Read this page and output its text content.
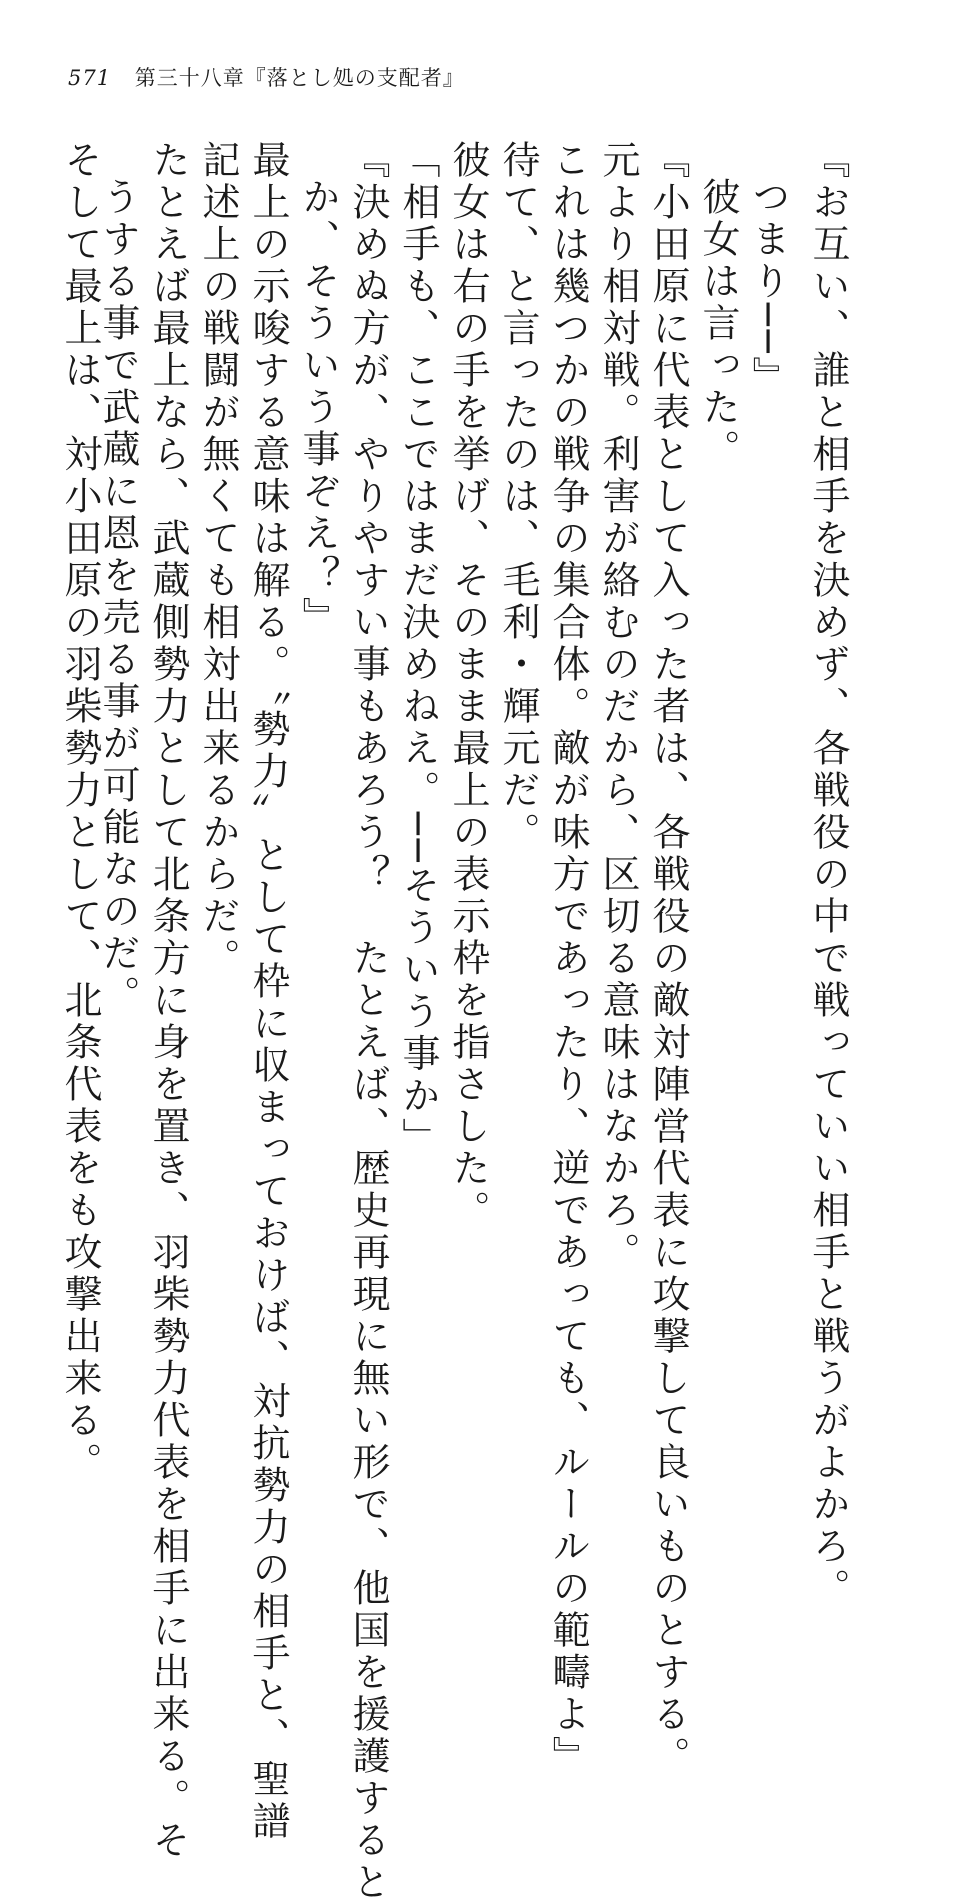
571 第三十八章『落とし処の支配者』
『お互い、誰と相手を決めず、各戦役の中で戦っていい相手と戦うがよかろ。
つまり──』
彼女は言った。
『小田原に代表として入った者は、各戦役の敵対陣営代表に攻撃して良いものとする。
元より相対戦。利害が絡むのだから、区切る意味はなかろ。
これは幾つかの戦争の集合体。敵が味方であったり、逆であっても、ルールの範疇よ』
待て、と言ったのは、毛利・輝元だ。
彼女は右の手を挙げ、そのまま最上の表示枠を指さした。
「相手も、ここではまだ決めねえ。──そういう事か」
『決めぬ方が、やりやすい事もあろう？　たとえば、歴史再現に無い形で、他国を援護すると
か、そういう事ぞえ？』
最上の示唆する意味は解る。〝勢力〟として枠に収まっておけば、対抗勢力の相手と、聖譜
記述上の戦闘が無くても相対出来るからだ。
たとえば最上なら、武蔵側勢力として北条方に身を置き、羽柴勢力代表を相手に出来る。そ
うする事で武蔵に恩を売る事が可能なのだ。
そして最上は、対小田原の羽柴勢力として、北条代表をも攻撃出来る。
